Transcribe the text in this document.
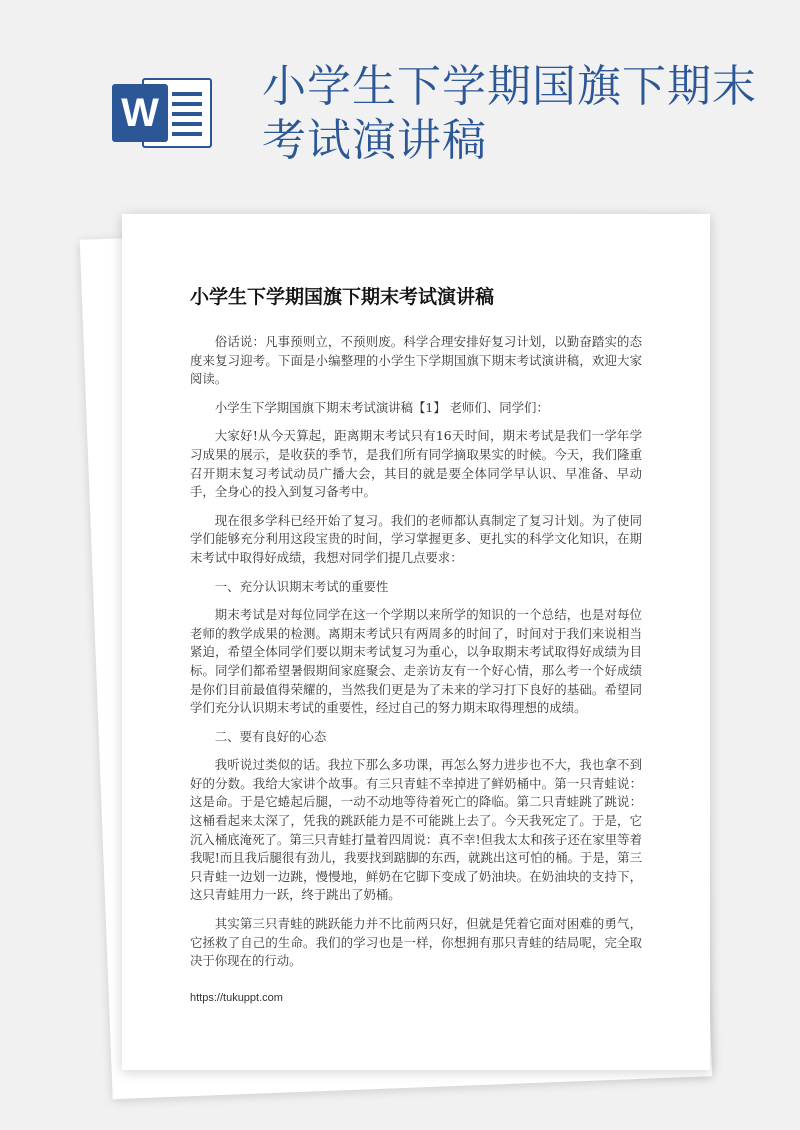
W
小学生下学期国旗下期末考试演讲稿
小学生下学期国旗下期末考试演讲稿

俗话说：凡事预则立，不预则废。科学合理安排好复习计划，以勤奋踏实的态度来复习迎考。下面是小编整理的小学生下学期国旗下期末考试演讲稿，欢迎大家阅读。

小学生下学期国旗下期末考试演讲稿【1】 老师们、同学们：

大家好!从今天算起，距离期末考试只有16天时间，期末考试是我们一学年学习成果的展示，是收获的季节，是我们所有同学摘取果实的时候。今天，我们隆重召开期末复习考试动员广播大会，其目的就是要全体同学早认识、早准备、早动手，全身心的投入到复习备考中。

现在很多学科已经开始了复习。我们的老师都认真制定了复习计划。为了使同学们能够充分利用这段宝贵的时间，学习掌握更多、更扎实的科学文化知识，在期末考试中取得好成绩，我想对同学们提几点要求：

一、充分认识期末考试的重要性

期末考试是对每位同学在这一个学期以来所学的知识的一个总结，也是对每位老师的教学成果的检测。离期末考试只有两周多的时间了，时间对于我们来说相当紧迫，希望全体同学们要以期末考试复习为重心，以争取期末考试取得好成绩为目标。同学们都希望暑假期间家庭聚会、走亲访友有一个好心情，那么考一个好成绩是你们目前最值得荣耀的，当然我们更是为了未来的学习打下良好的基础。希望同学们充分认识期末考试的重要性，经过自己的努力期末取得理想的成绩。

二、要有良好的心态

我听说过类似的话。我拉下那么多功课，再怎么努力进步也不大，我也拿不到好的分数。我给大家讲个故事。有三只青蛙不幸掉进了鲜奶桶中。第一只青蛙说：这是命。于是它蜷起后腿，一动不动地等待着死亡的降临。第二只青蛙跳了跳说：这桶看起来太深了，凭我的跳跃能力是不可能跳上去了。今天我死定了。于是，它沉入桶底淹死了。第三只青蛙打量着四周说：真不幸!但我太太和孩子还在家里等着我呢!而且我后腿很有劲儿，我要找到踮脚的东西，就跳出这可怕的桶。于是，第三只青蛙一边划一边跳，慢慢地，鲜奶在它脚下变成了奶油块。在奶油块的支持下，这只青蛙用力一跃，终于跳出了奶桶。

其实第三只青蛙的跳跃能力并不比前两只好，但就是凭着它面对困难的勇气，它拯救了自己的生命。我们的学习也是一样，你想拥有那只青蛙的结局呢，完全取决于你现在的行动。

https://tukuppt.com
